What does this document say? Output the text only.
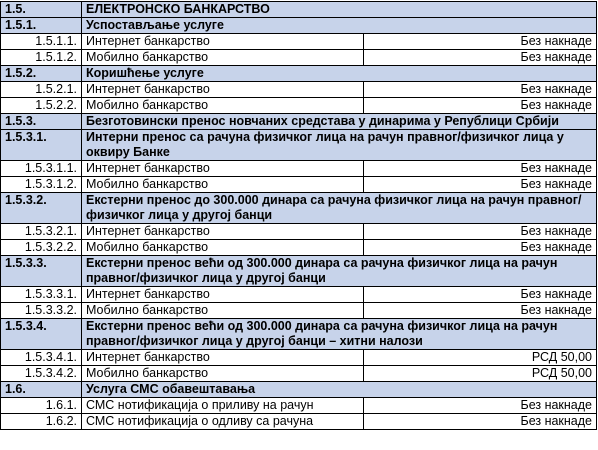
1.5.	ЕЛЕКТРОНСКО БАНКАРСТВО	
1.5.1.	Успостављање услуге	
1.5.1.1.	Интернет банкарство	Без накнаде
1.5.1.2.	Мобилно банкарство	Без накнаде
1.5.2.	Коришћење услуге	
1.5.2.1.	Интернет банкарство	Без накнаде
1.5.2.2.	Мобилно банкарство	Без накнаде
1.5.3.	Безготовински пренос новчаних средстава у динарима у Републици Србији	
1.5.3.1.	Интерни пренос са рачуна физичког лица на рачун правног/физичког лица у оквиру Банке	
1.5.3.1.1.	Интернет банкарство	Без накнаде
1.5.3.1.2.	Мобилно банкарство	Без накнаде
1.5.3.2.	Екстерни пренос до 300.000 динара са рачуна физичког лица на рачун правног/физичког лица у другој банци	
1.5.3.2.1.	Интернет банкарство	Без накнаде
1.5.3.2.2.	Мобилно банкарство	Без накнаде
1.5.3.3.	Екстерни пренос већи од 300.000 динара са рачуна физичког лица на рачун правног/физичког лица у другој банци	
1.5.3.3.1.	Интернет банкарство	Без накнаде
1.5.3.3.2.	Мобилно банкарство	Без накнаде
1.5.3.4.	Екстерни пренос већи од 300.000 динара са рачуна физичког лица на рачун правног/физичког лица у другој банци – хитни налози	
1.5.3.4.1.	Интернет банкарство	РСД 50,00
1.5.3.4.2.	Мобилно банкарство	РСД 50,00
1.6.	Услуга СМС обавештавања	
1.6.1.	СМС нотификација о приливу на рачун	Без накнаде
1.6.2.	СМС нотификација о одливу са рачуна	Без накнаде
